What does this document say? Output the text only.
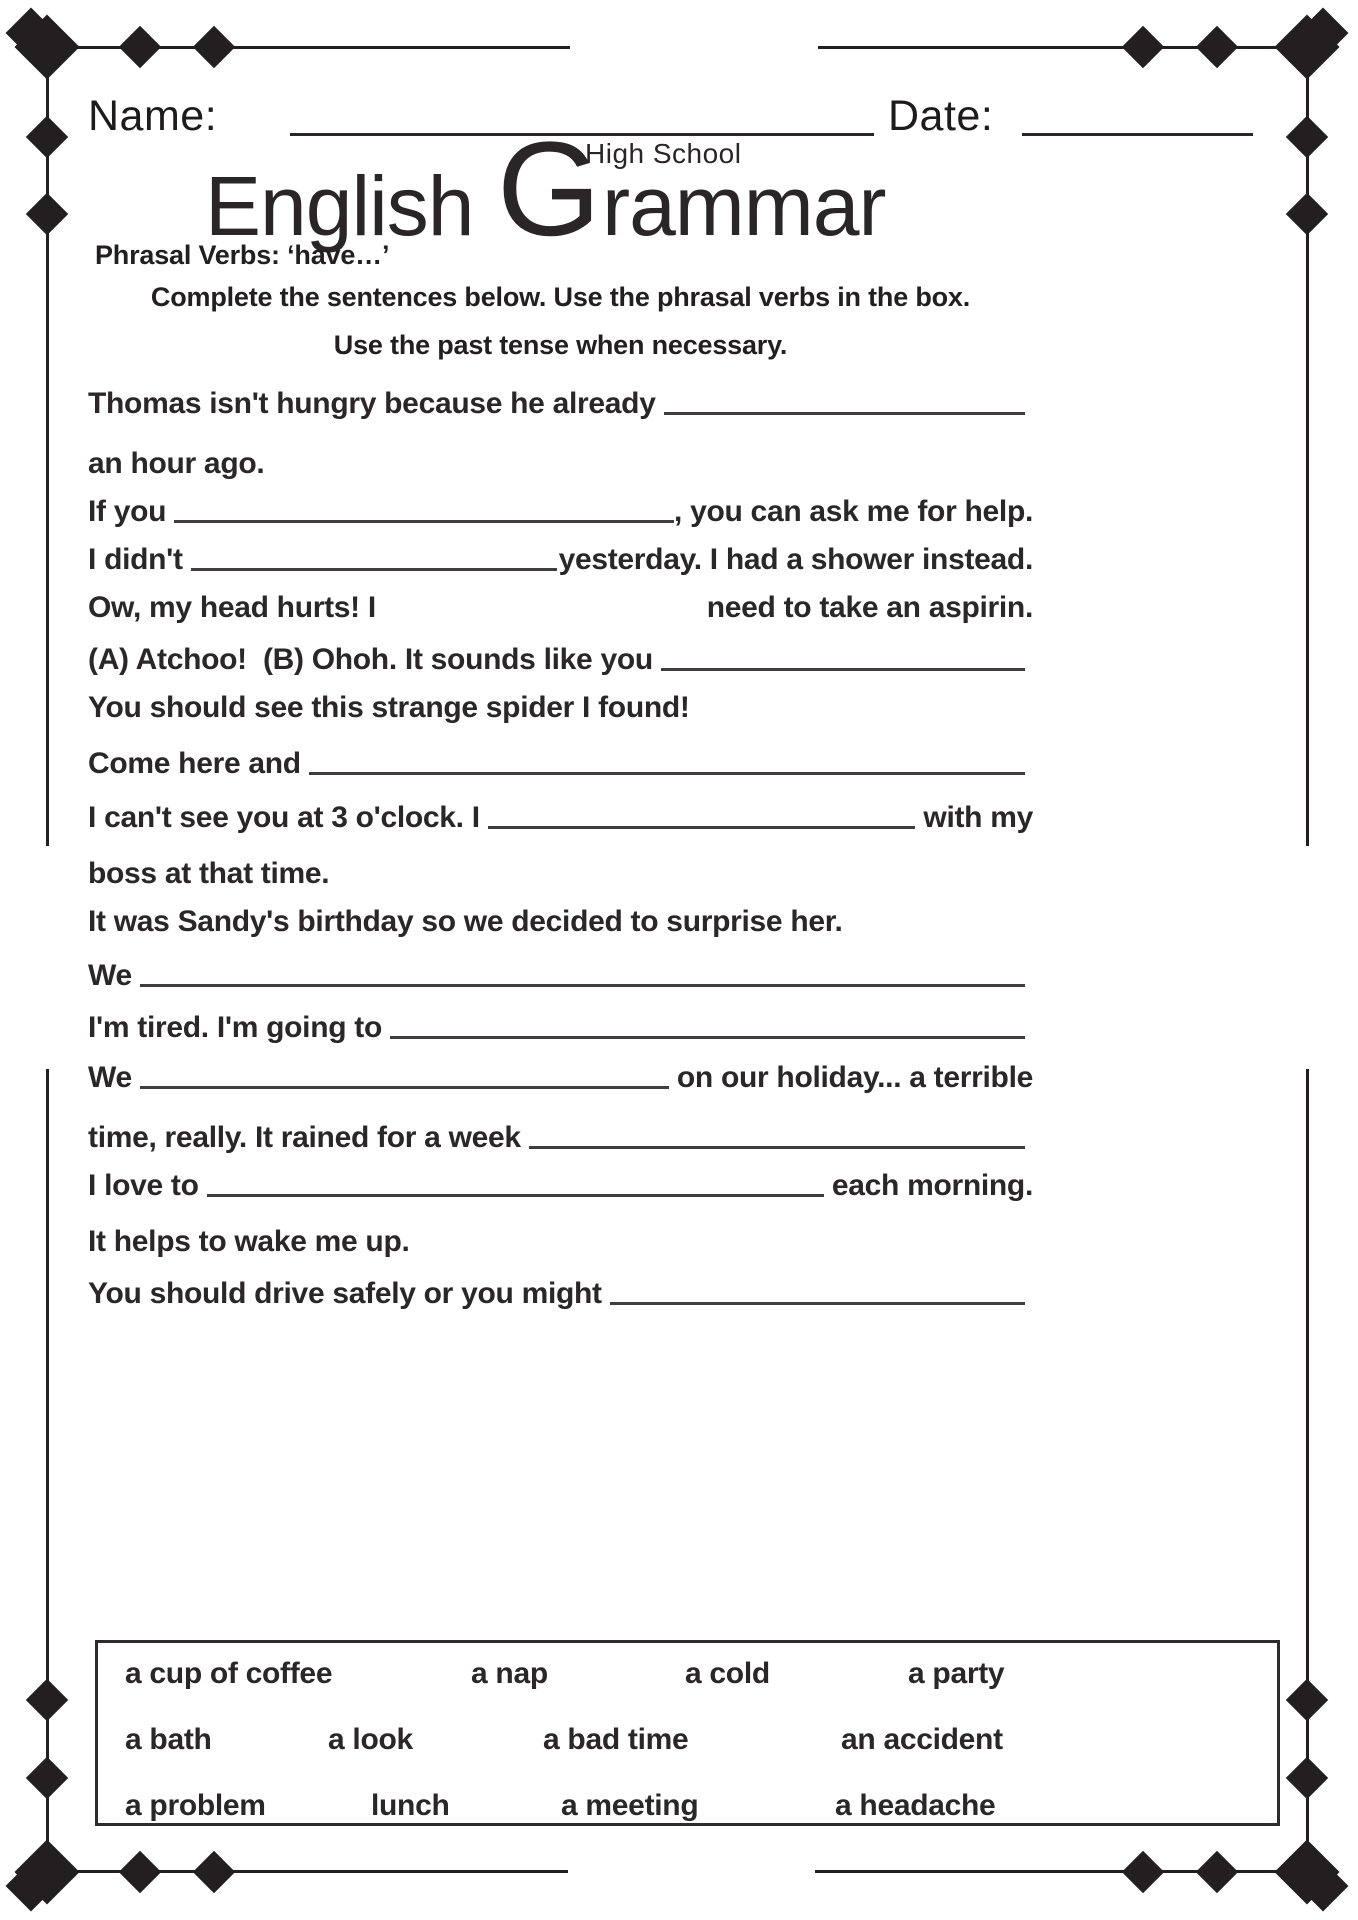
Name:	Date:
English
G rammar
High School
Phrasal Verbs: ‘have…’
Complete the sentences below. Use the phrasal verbs in the box.
Use the past tense when necessary.
Thomas isn't hungry because he already
an hour ago.
If you	, you can ask me for help.
I didn't	yesterday. I had a shower instead.
Ow, my head hurts! I	need to take an aspirin.
(A) Atchoo!  (B) Ohoh. It sounds like you
You should see this strange spider I found!
Come here and
I can't see you at 3 o'clock. I	with my
boss at that time.
It was Sandy's birthday so we decided to surprise her.
We
I'm tired. I'm going to
We	on our holiday... a terrible
time, really. It rained for a week
I love to	each morning.
It helps to wake me up.
You should drive safely or you might
a cup of coffee	a nap	a cold	a party
a bath	a look	a bad time	an accident
a problem	lunch	a meeting	a headache
